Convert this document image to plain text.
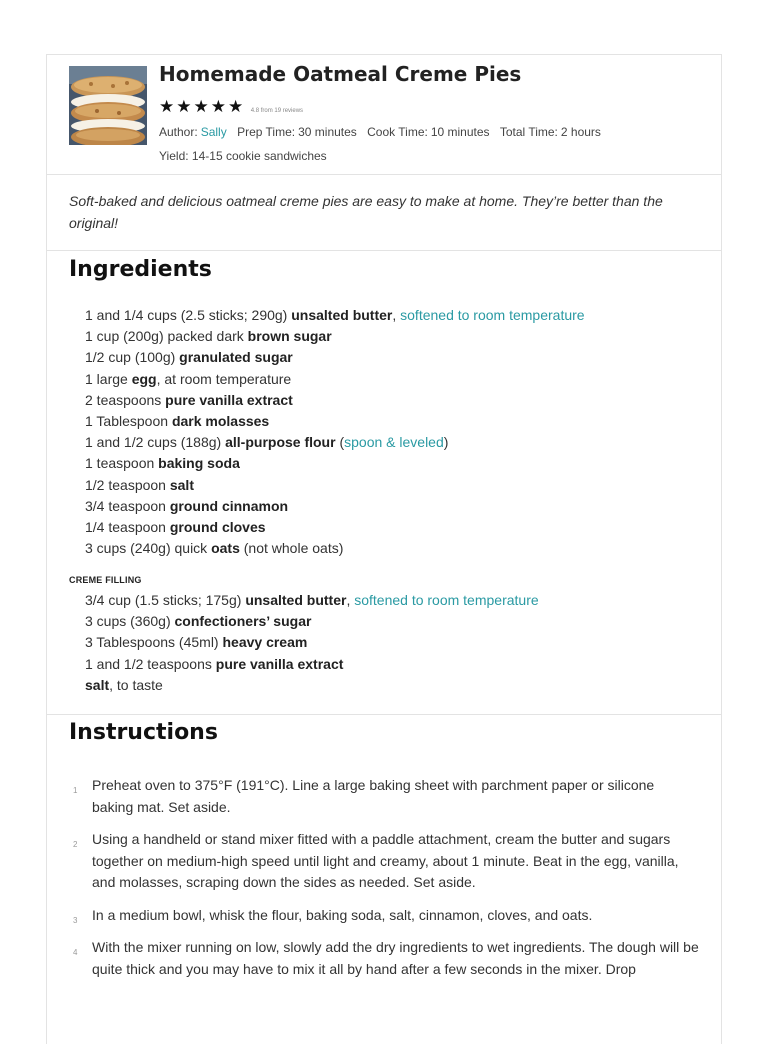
Homemade Oatmeal Creme Pies
★ ★ ★ ★ ★ 4.8 from 19 reviews
Author: Sally Prep Time: 30 minutes Cook Time: 10 minutes Total Time: 2 hours
Yield: 14-15 cookie sandwiches

Soft-baked and delicious oatmeal creme pies are easy to make at home. They’re better than the original!

Ingredients
1 and 1/4 cups (2.5 sticks; 290g) unsalted butter, softened to room temperature
1 cup (200g) packed dark brown sugar
1/2 cup (100g) granulated sugar
1 large egg, at room temperature
2 teaspoons pure vanilla extract
1 Tablespoon dark molasses
1 and 1/2 cups (188g) all-purpose flour (spoon & leveled)
1 teaspoon baking soda
1/2 teaspoon salt
3/4 teaspoon ground cinnamon
1/4 teaspoon ground cloves
3 cups (240g) quick oats (not whole oats)
CREME FILLING
3/4 cup (1.5 sticks; 175g) unsalted butter, softened to room temperature
3 cups (360g) confectioners’ sugar
3 Tablespoons (45ml) heavy cream
1 and 1/2 teaspoons pure vanilla extract
salt, to taste
Instructions
1 Preheat oven to 375°F (191°C). Line a large baking sheet with parchment paper or silicone baking mat. Set aside.
2 Using a handheld or stand mixer fitted with a paddle attachment, cream the butter and sugars together on medium-high speed until light and creamy, about 1 minute. Beat in the egg, vanilla, and molasses, scraping down the sides as needed. Set aside.
3 In a medium bowl, whisk the flour, baking soda, salt, cinnamon, cloves, and oats.
4 With the mixer running on low, slowly add the dry ingredients to wet ingredients. The dough will be quite thick and you may have to mix it all by hand after a few seconds in the mixer. Drop
